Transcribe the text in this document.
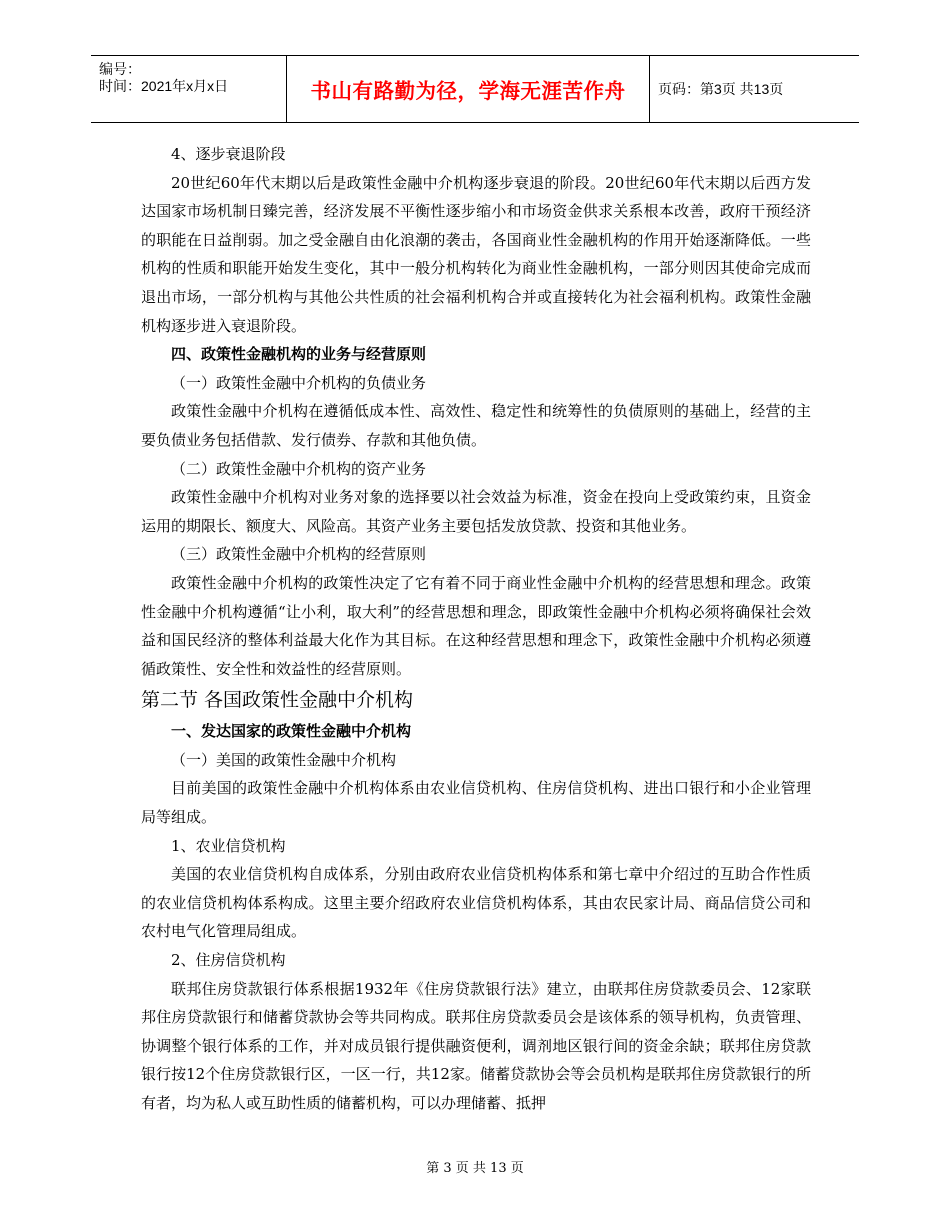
编号：
时间：2021年x月x日	书山有路勤为径，学海无涯苦作舟	页码：第3页 共13页

4、逐步衰退阶段

20世纪60年代末期以后是政策性金融中介机构逐步衰退的阶段。20世纪60年代末期以后西方发达国家市场机制日臻完善，经济发展不平衡性逐步缩小和市场资金供求关系根本改善，政府干预经济的职能在日益削弱。加之受金融自由化浪潮的袭击，各国商业性金融机构的作用开始逐渐降低。一些机构的性质和职能开始发生变化，其中一般分机构转化为商业性金融机构，一部分则因其使命完成而退出市场，一部分机构与其他公共性质的社会福利机构合并或直接转化为社会福利机构。政策性金融机构逐步进入衰退阶段。

四、政策性金融机构的业务与经营原则

（一）政策性金融中介机构的负债业务

政策性金融中介机构在遵循低成本性、高效性、稳定性和统筹性的负债原则的基础上，经营的主要负债业务包括借款、发行债券、存款和其他负债。

（二）政策性金融中介机构的资产业务

政策性金融中介机构对业务对象的选择要以社会效益为标准，资金在投向上受政策约束，且资金运用的期限长、额度大、风险高。其资产业务主要包括发放贷款、投资和其他业务。

（三）政策性金融中介机构的经营原则

政策性金融中介机构的政策性决定了它有着不同于商业性金融中介机构的经营思想和理念。政策性金融中介机构遵循“让小利，取大利”的经营思想和理念，即政策性金融中介机构必须将确保社会效益和国民经济的整体利益最大化作为其目标。在这种经营思想和理念下，政策性金融中介机构必须遵循政策性、安全性和效益性的经营原则。

第二节 各国政策性金融中介机构

一、发达国家的政策性金融中介机构

（一）美国的政策性金融中介机构

目前美国的政策性金融中介机构体系由农业信贷机构、住房信贷机构、进出口银行和小企业管理局等组成。

1、农业信贷机构

美国的农业信贷机构自成体系，分别由政府农业信贷机构体系和第七章中介绍过的互助合作性质的农业信贷机构体系构成。这里主要介绍政府农业信贷机构体系，其由农民家计局、商品信贷公司和农村电气化管理局组成。

2、住房信贷机构

联邦住房贷款银行体系根据1932年《住房贷款银行法》建立，由联邦住房贷款委员会、12家联邦住房贷款银行和储蓄贷款协会等共同构成。联邦住房贷款委员会是该体系的领导机构，负责管理、协调整个银行体系的工作，并对成员银行提供融资便利，调剂地区银行间的资金余缺；联邦住房贷款银行按12个住房贷款银行区，一区一行，共12家。储蓄贷款协会等会员机构是联邦住房贷款银行的所有者，均为私人或互助性质的储蓄机构，可以办理储蓄、抵押

第 3 页 共 13 页
